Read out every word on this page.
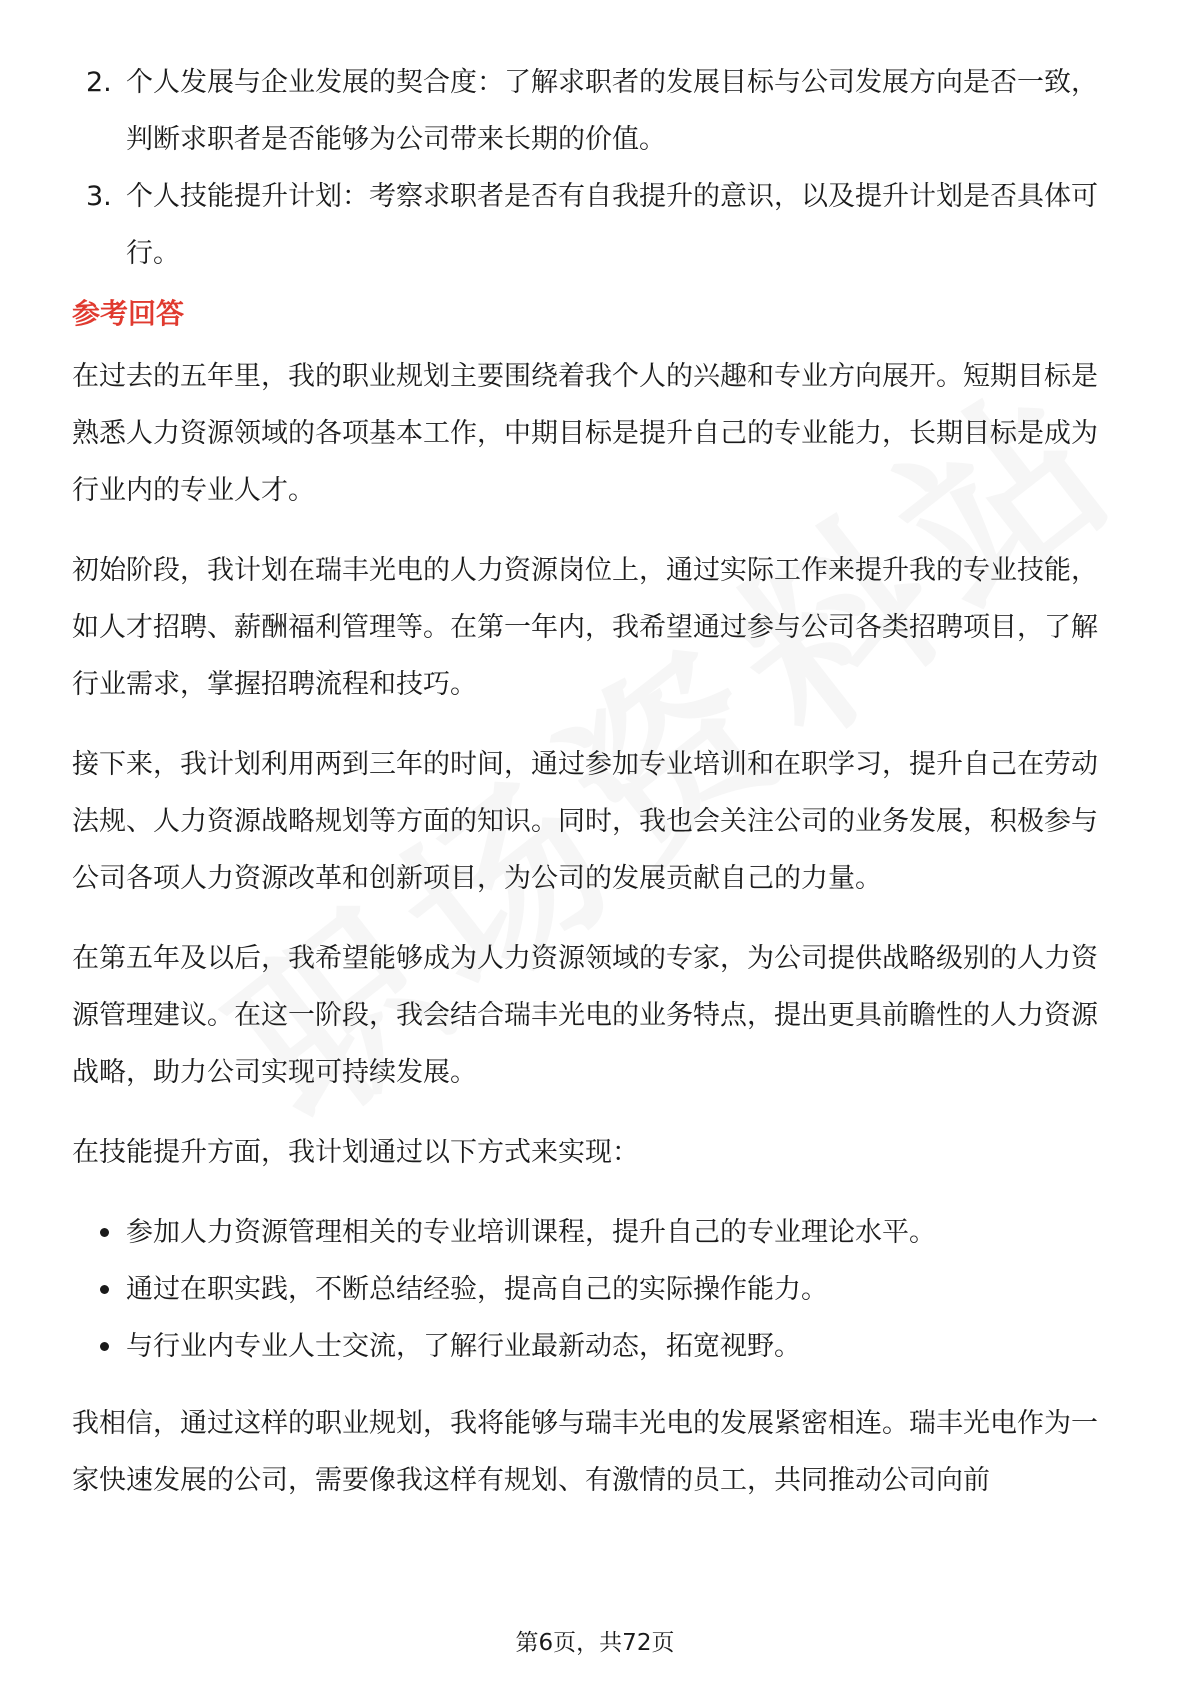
2. 个人发展与企业发展的契合度：了解求职者的发展目标与公司发展方向是否一致，判断求职者是否能够为公司带来长期的价值。
3. 个人技能提升计划：考察求职者是否有自我提升的意识，以及提升计划是否具体可行。
参考回答

在过去的五年里，我的职业规划主要围绕着我个人的兴趣和专业方向展开。短期目标是熟悉人力资源领域的各项基本工作，中期目标是提升自己的专业能力，长期目标是成为行业内的专业人才。

初始阶段，我计划在瑞丰光电的人力资源岗位上，通过实际工作来提升我的专业技能，如人才招聘、薪酬福利管理等。在第一年内，我希望通过参与公司各类招聘项目，了解行业需求，掌握招聘流程和技巧。

接下来，我计划利用两到三年的时间，通过参加专业培训和在职学习，提升自己在劳动法规、人力资源战略规划等方面的知识。同时，我也会关注公司的业务发展，积极参与公司各项人力资源改革和创新项目，为公司的发展贡献自己的力量。

在第五年及以后，我希望能够成为人力资源领域的专家，为公司提供战略级别的人力资源管理建议。在这一阶段，我会结合瑞丰光电的业务特点，提出更具前瞻性的人力资源战略，助力公司实现可持续发展。

在技能提升方面，我计划通过以下方式来实现：

参加人力资源管理相关的专业培训课程，提升自己的专业理论水平。
通过在职实践，不断总结经验，提高自己的实际操作能力。
与行业内专业人士交流，了解行业最新动态，拓宽视野。

我相信，通过这样的职业规划，我将能够与瑞丰光电的发展紧密相连。瑞丰光电作为一家快速发展的公司，需要像我这样有规划、有激情的员工，共同推动公司向前

第6页，共72页
